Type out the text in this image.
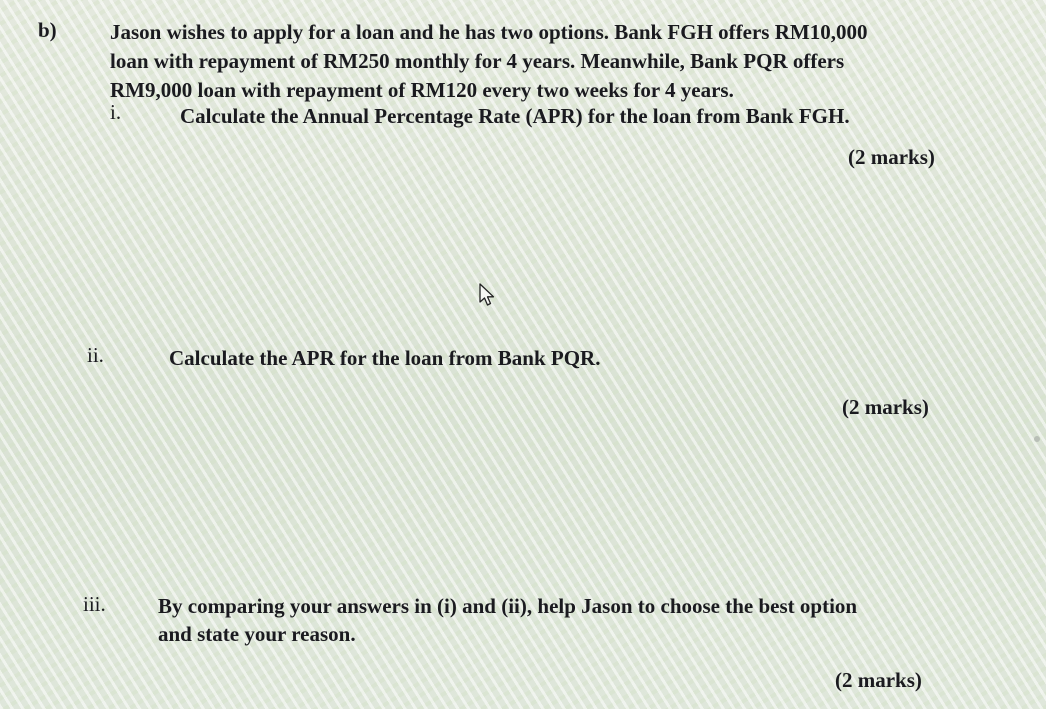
b)	Jason wishes to apply for a loan and he has two options. Bank FGH offers RM10,000
loan with repayment of RM250 monthly for 4 years. Meanwhile, Bank PQR offers
RM9,000 loan with repayment of RM120 every two weeks for 4 years.
i.	Calculate the Annual Percentage Rate (APR) for the loan from Bank FGH.
(2 marks)
ii.	Calculate the APR for the loan from Bank PQR.
(2 marks)
iii. By comparing your answers in (i) and (ii), help Jason to choose the best option
and state your reason.
(2 marks)
